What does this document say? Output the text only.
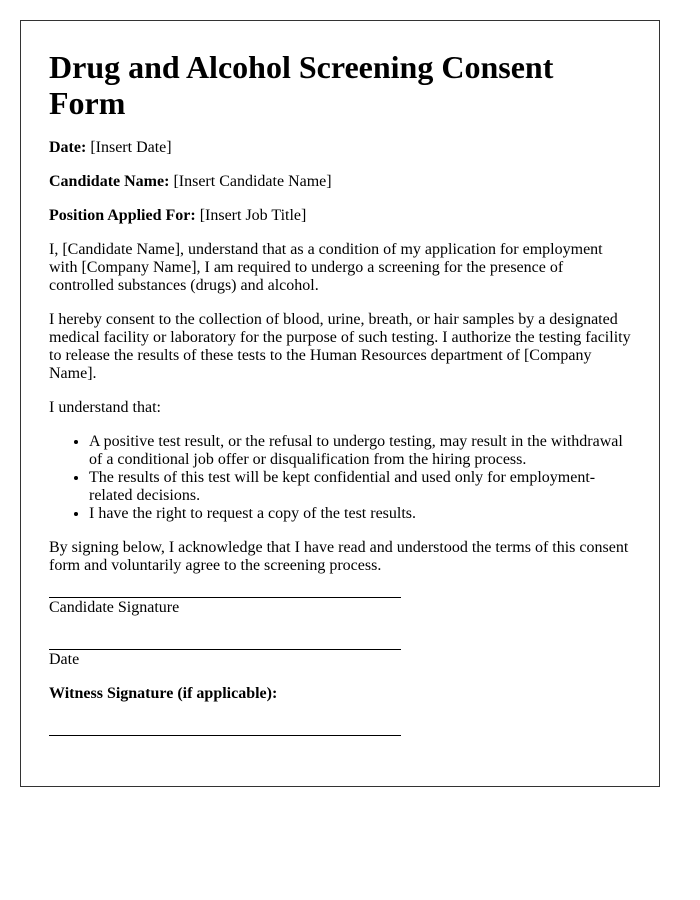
Drug and Alcohol Screening Consent Form

Date: [Insert Date]

Candidate Name: [Insert Candidate Name]

Position Applied For: [Insert Job Title]

I, [Candidate Name], understand that as a condition of my application for employment with [Company Name], I am required to undergo a screening for the presence of controlled substances (drugs) and alcohol.

I hereby consent to the collection of blood, urine, breath, or hair samples by a designated medical facility or laboratory for the purpose of such testing. I authorize the testing facility to release the results of these tests to the Human Resources department of [Company Name].

I understand that:

• A positive test result, or the refusal to undergo testing, may result in the withdrawal of a conditional job offer or disqualification from the hiring process.
• The results of this test will be kept confidential and used only for employment-related decisions.
• I have the right to request a copy of the test results.

By signing below, I acknowledge that I have read and understood the terms of this consent form and voluntarily agree to the screening process.

Candidate Signature
Date
Witness Signature (if applicable):
